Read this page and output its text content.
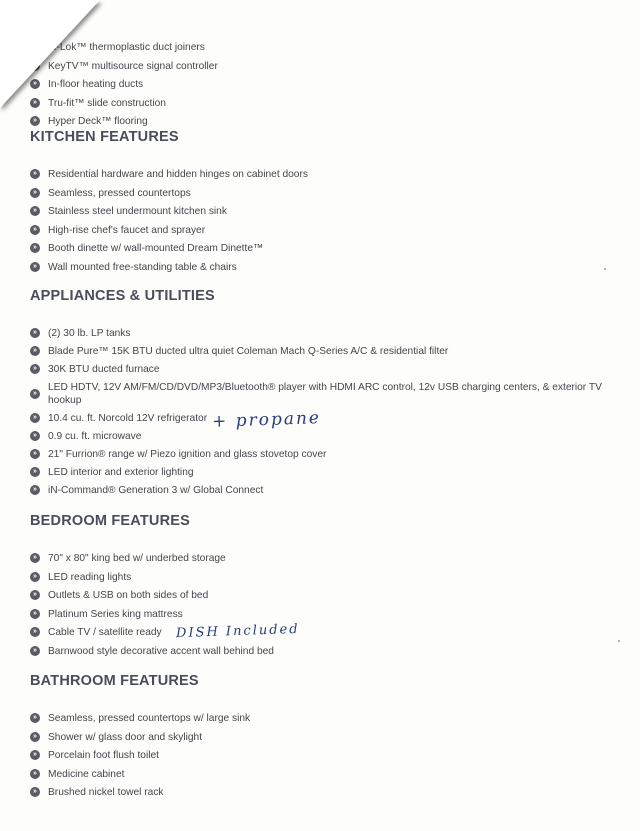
»
uf-Lok™ thermoplastic duct joiners
»
KeyTV™ multisource signal controller
»
In-floor heating ducts
»
Tru-fit™ slide construction
»
Hyper Deck™ flooring
KITCHEN FEATURES
»
Residential hardware and hidden hinges on cabinet doors
»
Seamless, pressed countertops
»
Stainless steel undermount kitchen sink
»
High-rise chef's faucet and sprayer
»
Booth dinette w/ wall-mounted Dream Dinette™
»
Wall mounted free-standing table & chairs
APPLIANCES & UTILITIES
»
(2) 30 lb. LP tanks
»
Blade Pure™ 15K BTU ducted ultra quiet Coleman Mach Q-Series A/C & residential filter
»
30K BTU ducted furnace
»
LED HDTV, 12V AM/FM/CD/DVD/MP3/Bluetooth® player with HDMI ARC control, 12v USB charging centers, & exterior TV hookup
»
10.4 cu. ft. Norcold 12V refrigerator
»
0.9 cu. ft. microwave
»
21" Furrion® range w/ Piezo ignition and glass stovetop cover
»
LED interior and exterior lighting
»
iN-Command® Generation 3 w/ Global Connect
+ propane
BEDROOM FEATURES
»
70" x 80" king bed w/ underbed storage
»
LED reading lights
»
Outlets & USB on both sides of bed
»
Platinum Series king mattress
»
Cable TV / satellite ready
»
Barnwood style decorative accent wall behind bed
DISH Included
BATHROOM FEATURES
»
Seamless, pressed countertops w/ large sink
»
Shower w/ glass door and skylight
»
Porcelain foot flush toilet
»
Medicine cabinet
»
Brushed nickel towel rack
